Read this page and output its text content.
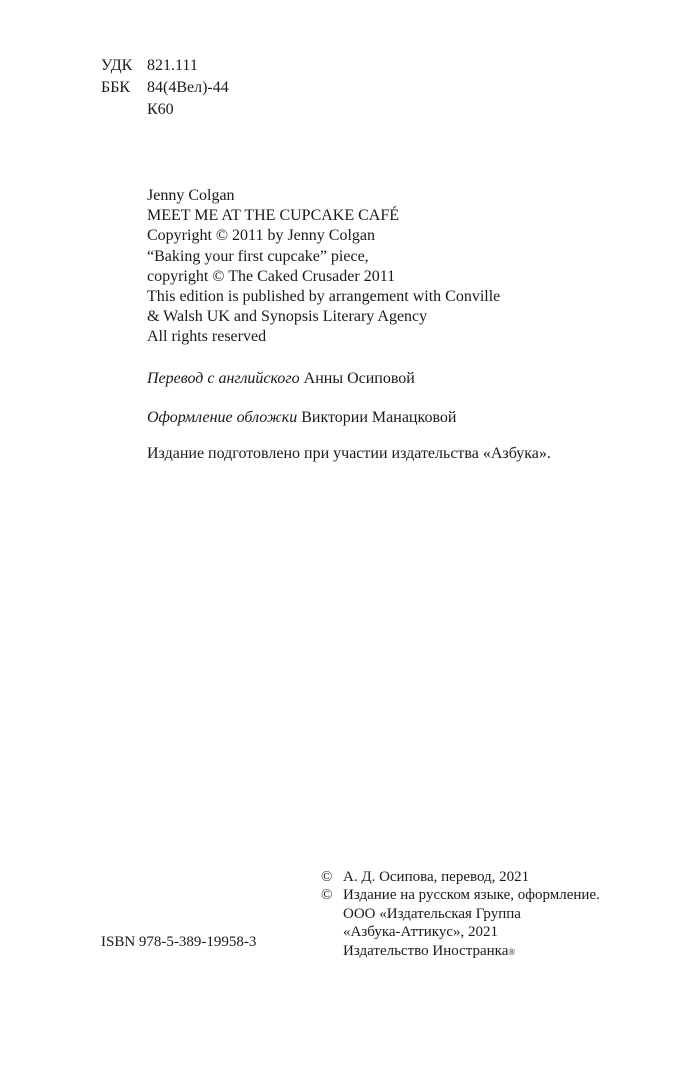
УДК 821.111
ББК 84(4Вел)-44
К60
Jenny Colgan
MEET ME AT THE CUPCAKE CAFÉ
Copyright © 2011 by Jenny Colgan
“Baking your first cupcake” piece,
copyright © The Caked Crusader 2011
This edition is published by arrangement with Conville
& Walsh UK and Synopsis Literary Agency
All rights reserved
Перевод с английского Анны Осиповой
Оформление обложки Виктории Манацковой
Издание подготовлено при участии издательства «Азбука».
© А. Д. Осипова, перевод, 2021
© Издание на русском языке, оформление.
ООО «Издательская Группа
«Азбука-Аттикус», 2021
Издательство Иностранка®
ISBN 978-5-389-19958-3
